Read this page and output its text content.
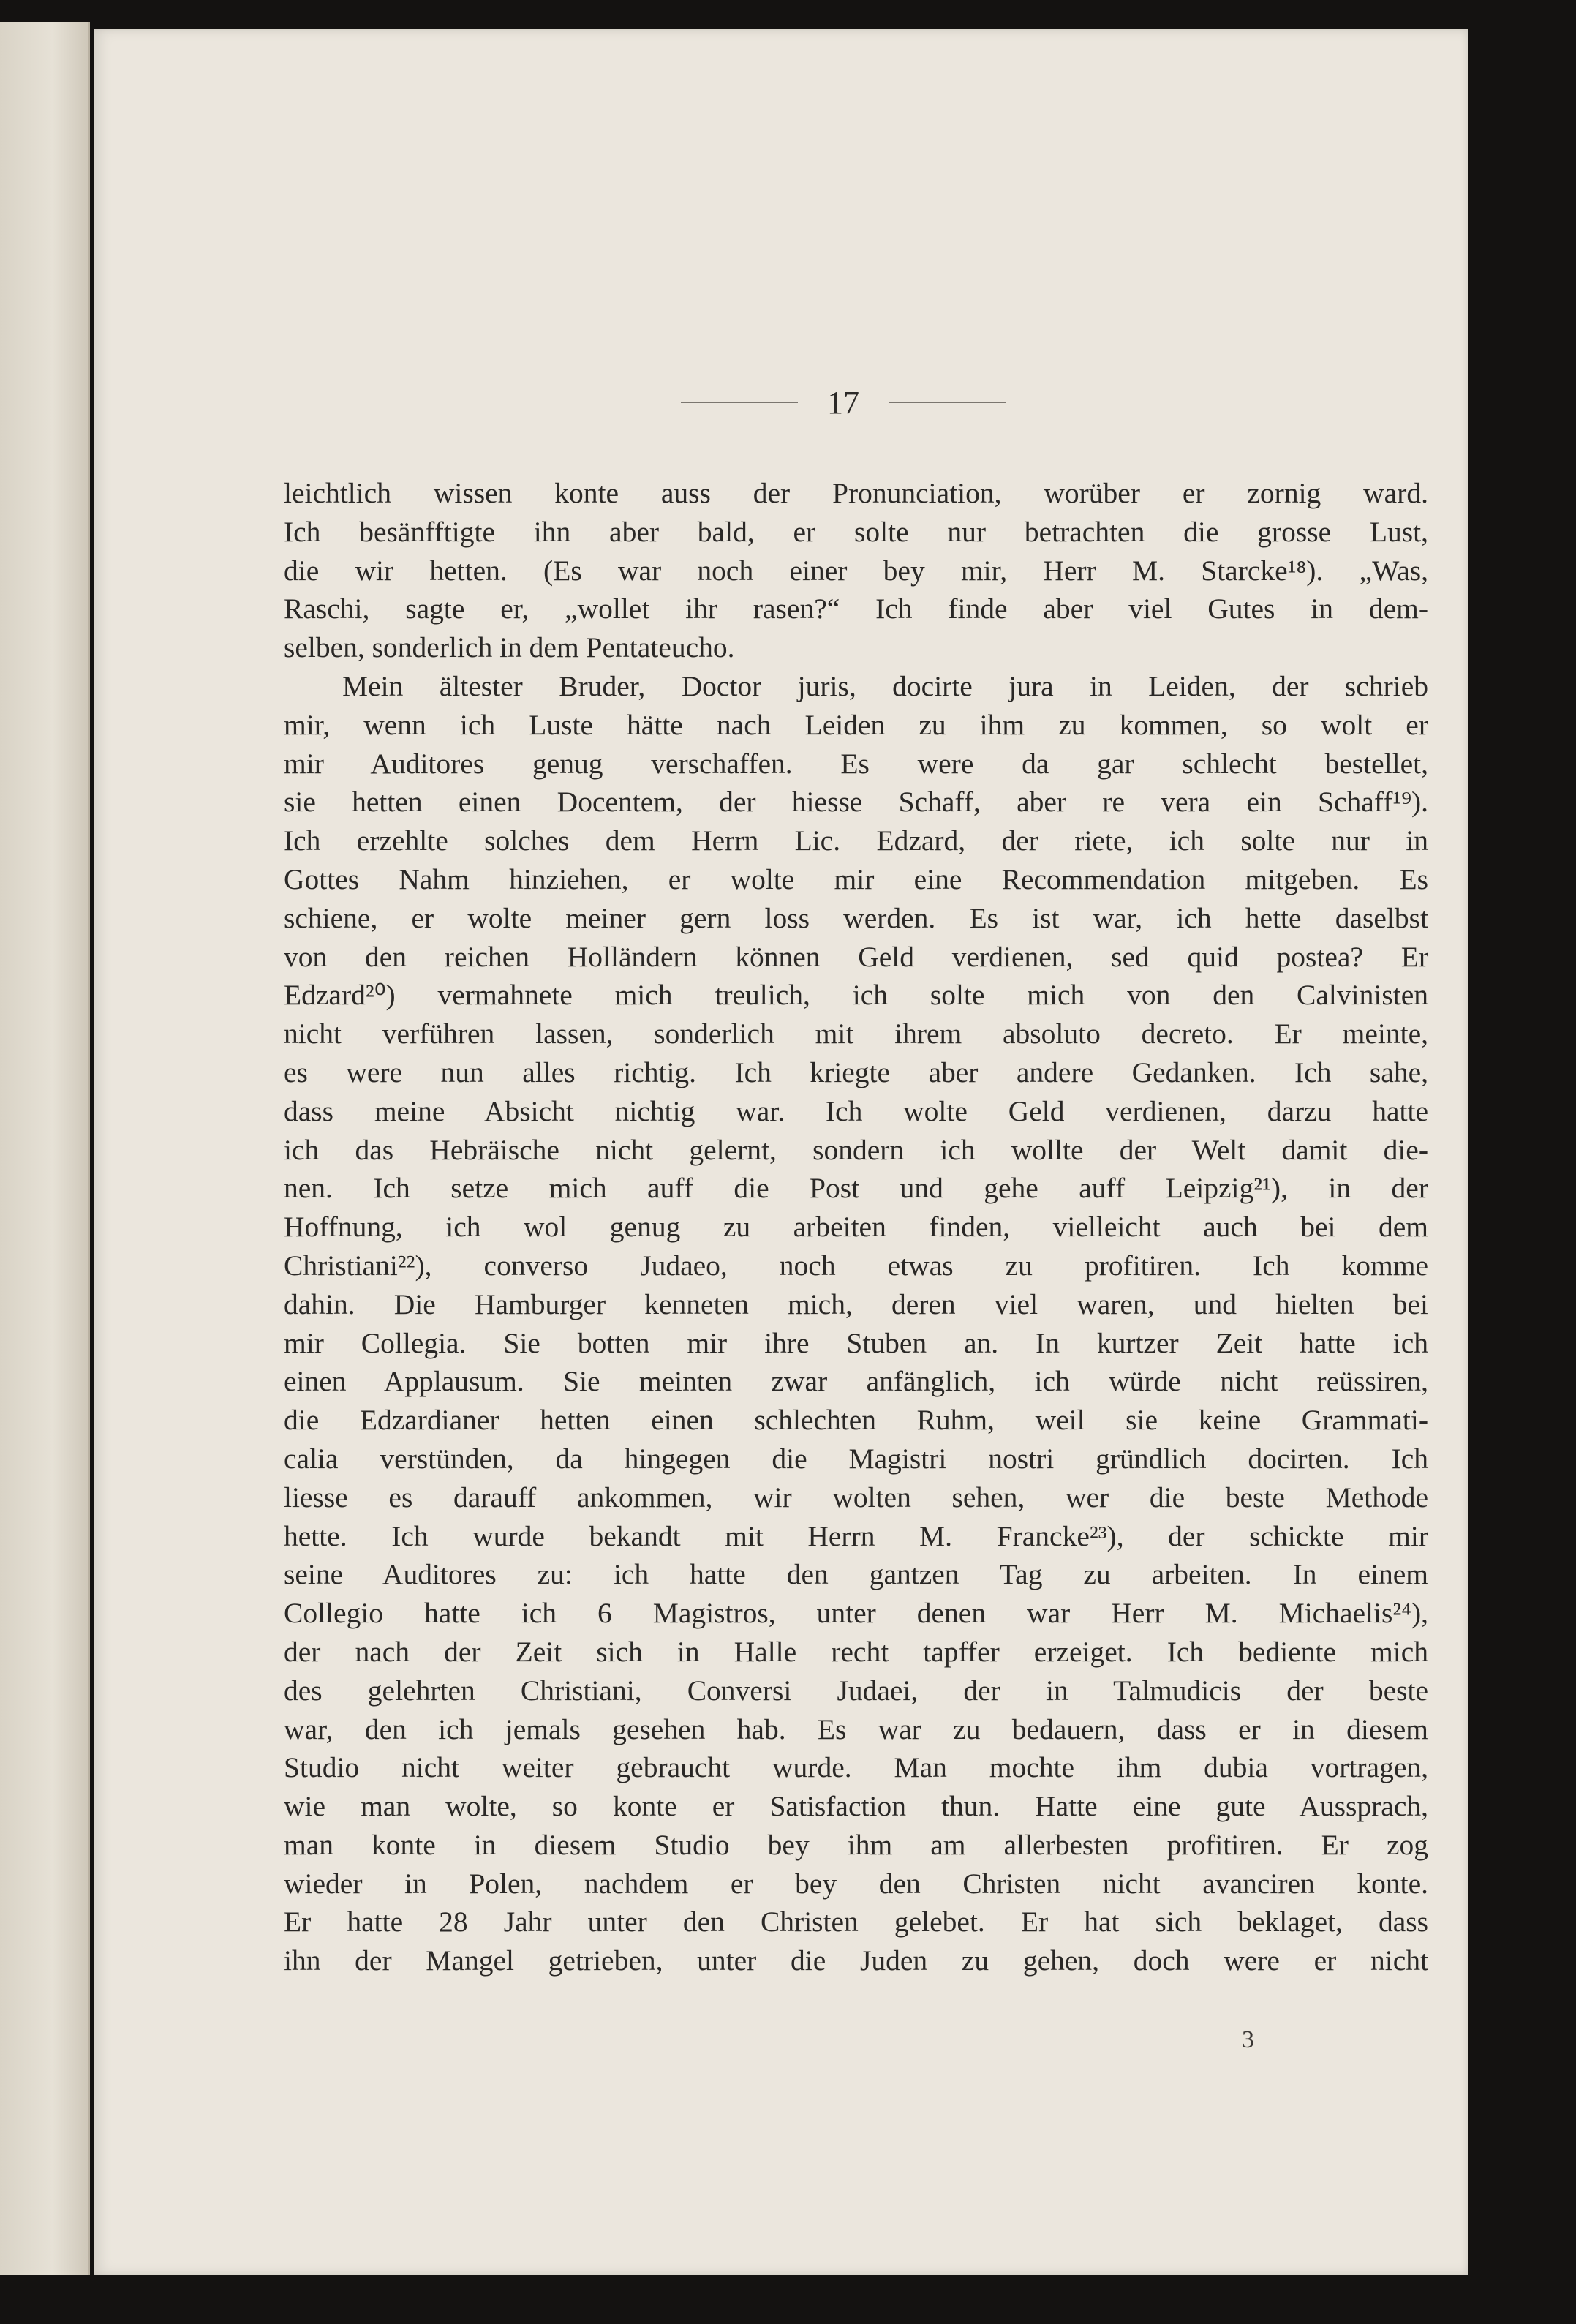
17
leichtlich wissen konte auss der Pronunciation, worüber er zornig ward.
Ich besänfftigte ihn aber bald, er solte nur betrachten die grosse Lust,
die wir hetten. (Es war noch einer bey mir, Herr M. Starcke¹⁸). „Was,
Raschi, sagte er, „wollet ihr rasen?“ Ich finde aber viel Gutes in dem-
selben, sonderlich in dem Pentateucho.
Mein ältester Bruder, Doctor juris, docirte jura in Leiden, der schrieb
mir, wenn ich Luste hätte nach Leiden zu ihm zu kommen, so wolt er
mir Auditores genug verschaffen. Es were da gar schlecht bestellet,
sie hetten einen Docentem, der hiesse Schaff, aber re vera ein Schaff¹⁹).
Ich erzehlte solches dem Herrn Lic. Edzard, der riete, ich solte nur in
Gottes Nahm hinziehen, er wolte mir eine Recommendation mitgeben. Es
schiene, er wolte meiner gern loss werden. Es ist war, ich hette daselbst
von den reichen Holländern können Geld verdienen, sed quid postea? Er
Edzard²⁰) vermahnete mich treulich, ich solte mich von den Calvinisten
nicht verführen lassen, sonderlich mit ihrem absoluto decreto. Er meinte,
es were nun alles richtig. Ich kriegte aber andere Gedanken. Ich sahe,
dass meine Absicht nichtig war. Ich wolte Geld verdienen, darzu hatte
ich das Hebräische nicht gelernt, sondern ich wollte der Welt damit die-
nen. Ich setze mich auff die Post und gehe auff Leipzig²¹), in der
Hoffnung, ich wol genug zu arbeiten finden, vielleicht auch bei dem
Christiani²²), converso Judaeo, noch etwas zu profitiren. Ich komme
dahin. Die Hamburger kenneten mich, deren viel waren, und hielten bei
mir Collegia. Sie botten mir ihre Stuben an. In kurtzer Zeit hatte ich
einen Applausum. Sie meinten zwar anfänglich, ich würde nicht reüssiren,
die Edzardianer hetten einen schlechten Ruhm, weil sie keine Grammati-
calia verstünden, da hingegen die Magistri nostri gründlich docirten. Ich
liesse es darauff ankommen, wir wolten sehen, wer die beste Methode
hette. Ich wurde bekandt mit Herrn M. Francke²³), der schickte mir
seine Auditores zu: ich hatte den gantzen Tag zu arbeiten. In einem
Collegio hatte ich 6 Magistros, unter denen war Herr M. Michaelis²⁴),
der nach der Zeit sich in Halle recht tapffer erzeiget. Ich bediente mich
des gelehrten Christiani, Conversi Judaei, der in Talmudicis der beste
war, den ich jemals gesehen hab. Es war zu bedauern, dass er in diesem
Studio nicht weiter gebraucht wurde. Man mochte ihm dubia vortragen,
wie man wolte, so konte er Satisfaction thun. Hatte eine gute Aussprach,
man konte in diesem Studio bey ihm am allerbesten profitiren. Er zog
wieder in Polen, nachdem er bey den Christen nicht avanciren konte.
Er hatte 28 Jahr unter den Christen gelebet. Er hat sich beklaget, dass
ihn der Mangel getrieben, unter die Juden zu gehen, doch were er nicht
3
